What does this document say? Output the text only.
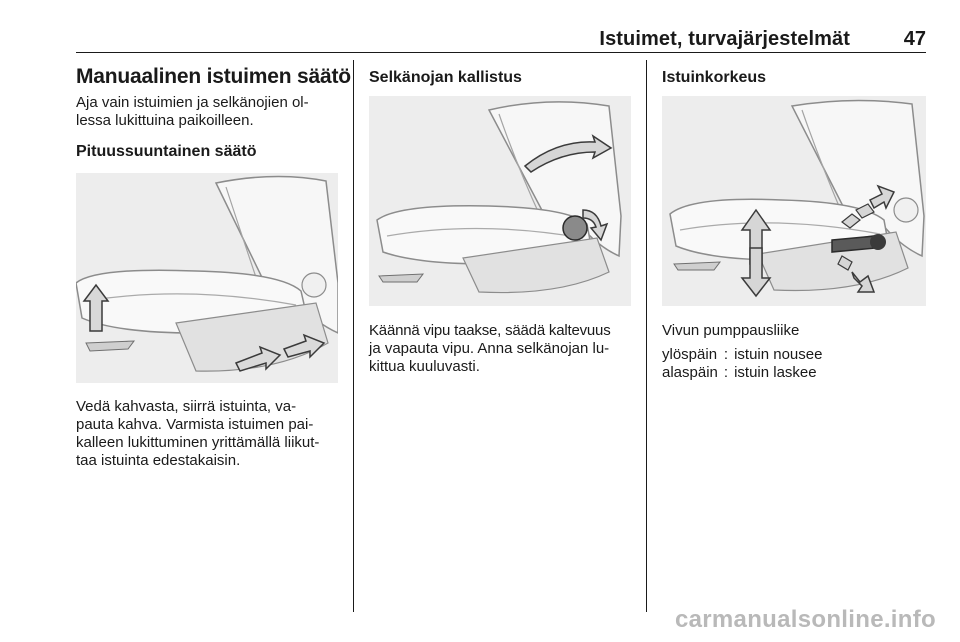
Istuimet, turvajärjestelmät	47

Manuaalinen istuimen säätö

Aja vain istuimien ja selkänojien ol-

lessa lukittuina paikoilleen.

Pituussuuntainen säätö

Vedä kahvasta, siirrä istuinta, va-

pauta kahva. Varmista istuimen pai-

kalleen lukittuminen yrittämällä liikut-

taa istuinta edestakaisin.

Selkänojan kallistus

Käännä vipu taakse, säädä kaltevuus

ja vapauta vipu. Anna selkänojan lu-

kittua kuuluvasti.

Istuinkorkeus

Vivun pumppausliike

ylöspäin	:	istuin nousee
alaspäin	:	istuin laskee
carmanualsonline.info
